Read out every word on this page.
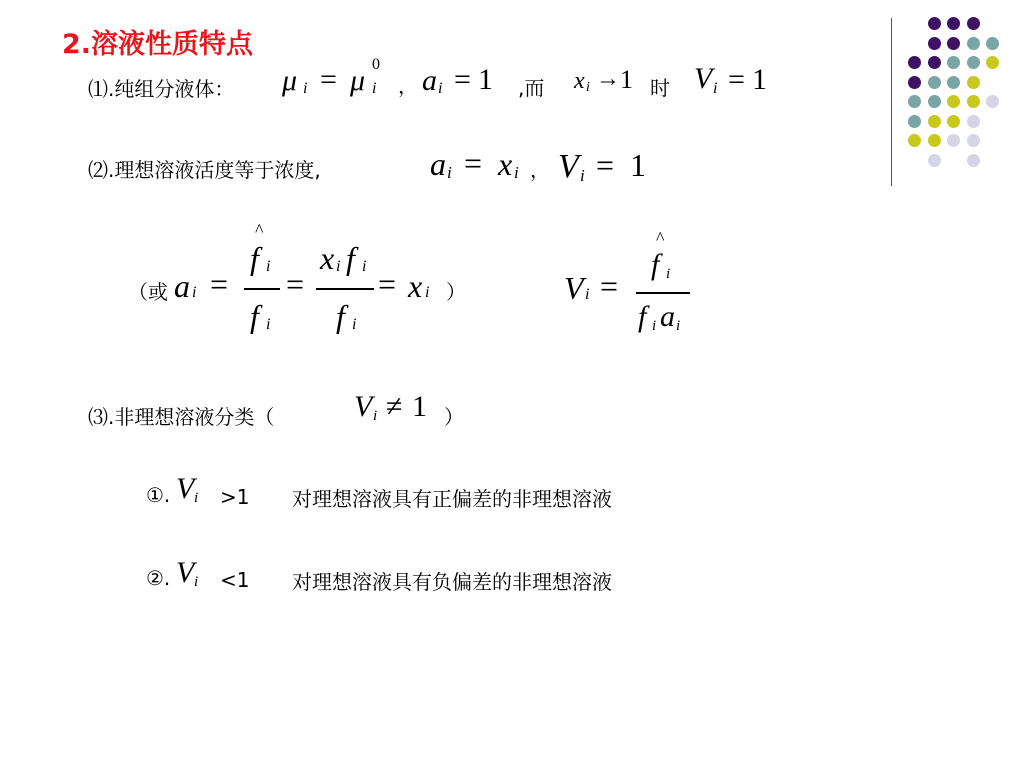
2.溶液性质特点
⑴.纯组分液体： μ i = μ 0
i ， a i = 1 ,而 x i → 1 时 V i = 1
⑵.理想溶液活度等于浓度,	a i = x i ， V i = 1
（或 a i =
^
f i
f i
=
x i f i
f i
= x i ）	V i =
^
f i
f i a i
⑶.非理想溶液分类（	V i ≠ 1 ）
①. V i >1 对理想溶液具有正偏差的非理想溶液
②. V i <1 对理想溶液具有负偏差的非理想溶液
